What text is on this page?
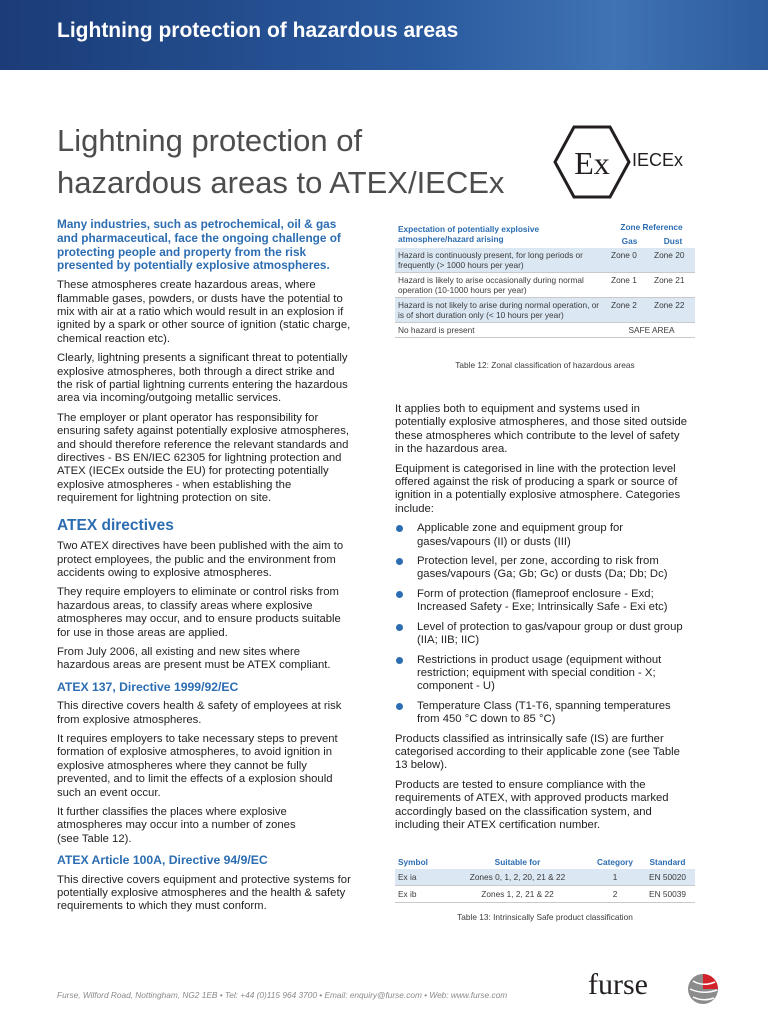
Lightning protection of hazardous areas
Lightning protection of
hazardous areas to ATEX/IECEx
Ex IECEx

Many industries, such as petrochemical, oil & gas and pharmaceutical, face the ongoing challenge of protecting people and property from the risk presented by potentially explosive atmospheres.

These atmospheres create hazardous areas, where flammable gases, powders, or dusts have the potential to mix with air at a ratio which would result in an explosion if ignited by a spark or other source of ignition (static charge, chemical reaction etc).

Clearly, lightning presents a significant threat to potentially explosive atmospheres, both through a direct strike and the risk of partial lightning currents entering the hazardous area via incoming/outgoing metallic services.

The employer or plant operator has responsibility for ensuring safety against potentially explosive atmospheres, and should therefore reference the relevant standards and directives - BS EN/IEC 62305 for lightning protection and ATEX (IECEx outside the EU) for protecting potentially explosive atmospheres - when establishing the requirement for lightning protection on site.

ATEX directives

Two ATEX directives have been published with the aim to protect employees, the public and the environment from accidents owing to explosive atmospheres.

They require employers to eliminate or control risks from hazardous areas, to classify areas where explosive atmospheres may occur, and to ensure products suitable for use in those areas are applied.

From July 2006, all existing and new sites where hazardous areas are present must be ATEX compliant.

ATEX 137, Directive 1999/92/EC

This directive covers health & safety of employees at risk from explosive atmospheres.

It requires employers to take necessary steps to prevent formation of explosive atmospheres, to avoid ignition in explosive atmospheres where they cannot be fully prevented, and to limit the effects of a explosion should such an event occur.

It further classifies the places where explosive atmospheres may occur into a number of zones
(see Table 12).

ATEX Article 100A, Directive 94/9/EC

This directive covers equipment and protective systems for potentially explosive atmospheres and the health & safety requirements to which they must conform.

Expectation of potentially explosive atmosphere/hazard arising	Zone Reference	
	Gas	Dust
Hazard is continuously present, for long periods or frequently (> 1000 hours per year)	Zone 0	Zone 20
Hazard is likely to arise occasionally during normal operation (10-1000 hours per year)	Zone 1	Zone 21
Hazard is not likely to arise during normal operation, or is of short duration only (< 10 hours per year)	Zone 2	Zone 22
No hazard is present	SAFE AREA	
Table 12: Zonal classification of hazardous areas

It applies both to equipment and systems used in potentially explosive atmospheres, and those sited outside these atmospheres which contribute to the level of safety in the hazardous area.

Equipment is categorised in line with the protection level offered against the risk of producing a spark or source of ignition in a potentially explosive atmosphere. Categories include:

Applicable zone and equipment group for gases/vapours (II) or dusts (III)
Protection level, per zone, according to risk from gases/vapours (Ga; Gb; Gc) or dusts (Da; Db; Dc)
Form of protection (flameproof enclosure - Exd; Increased Safety - Exe; Intrinsically Safe - Exi etc)
Level of protection to gas/vapour group or dust group (IIA; IIB; IIC)
Restrictions in product usage (equipment without restriction; equipment with special condition - X; component - U)
Temperature Class (T1-T6, spanning temperatures from 450 °C down to 85 °C)

Products classified as intrinsically safe (IS) are further categorised according to their applicable zone (see Table 13 below).

Products are tested to ensure compliance with the requirements of ATEX, with approved products marked accordingly based on the classification system, and including their ATEX certification number.

Symbol	Suitable for	Category	Standard
Ex ia	Zones 0, 1, 2, 20, 21 & 22	1	EN 50020
Ex ib	Zones 1, 2, 21 & 22	2	EN 50039
Table 13: Intrinsically Safe product classification
Furse, Wilford Road, Nottingham, NG2 1EB • Tel: +44 (0)115 964 3700 • Email: enquiry@furse.com • Web: www.furse.com	furse
